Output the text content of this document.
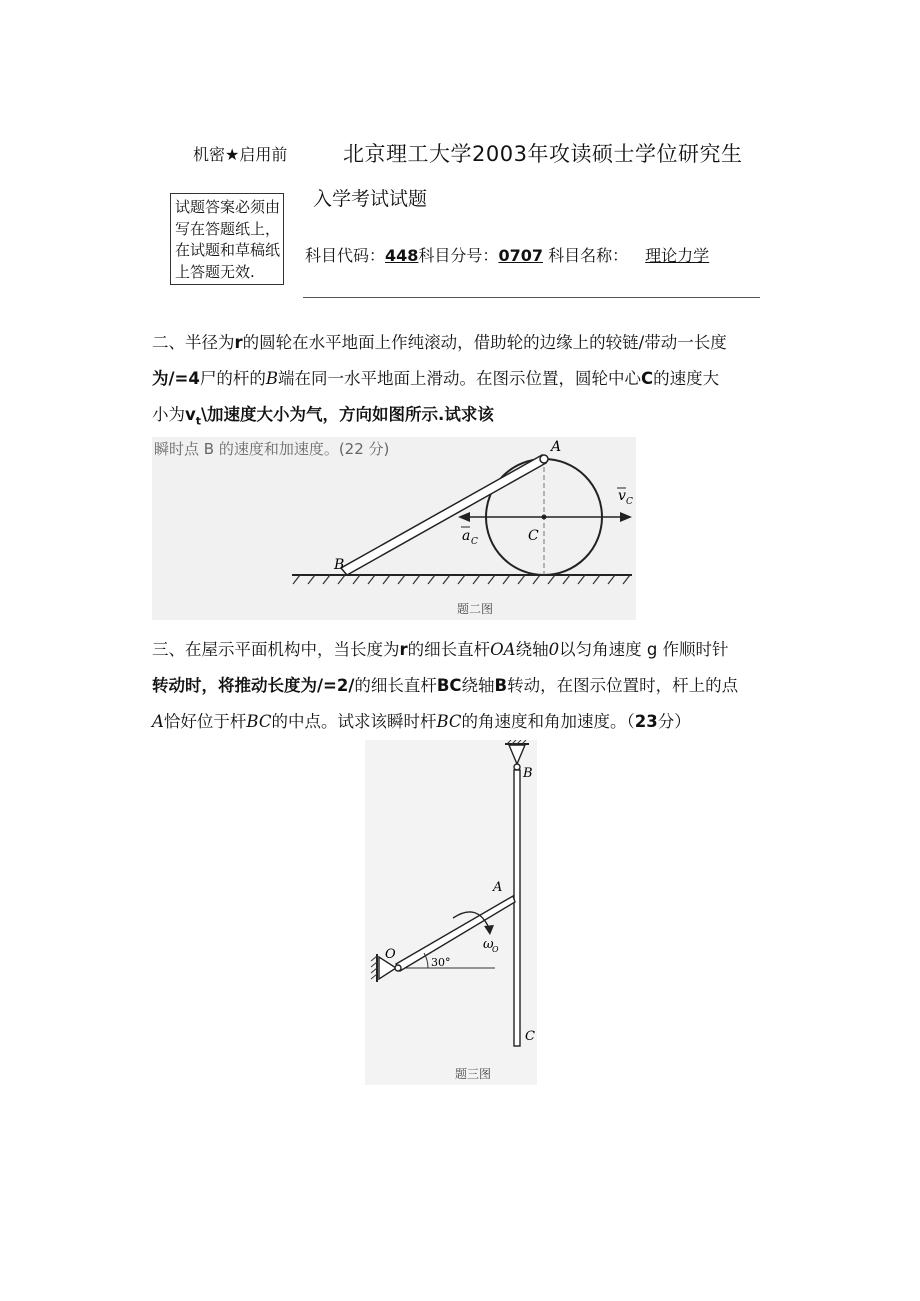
机密★启用前	北京理工大学2003年攻读硕士学位研究生
入学考试试题
试题答案必须由
写在答题纸上，
在试题和草稿纸
上答题无效.
科目代码：448科目分号：0707 科目名称： 理论力学
二、半径为r的圆轮在水平地面上作纯滚动，借助轮的边缘上的较链/带动一长度
为/=4尸的杆的B端在同一水平地面上滑动。在图示位置，圆轮中心C的速度大
小为$v_t\backslash$加速度大小为气，方向如图所示.试求该
瞬时点 B 的速度和加速度。(22 分)	A
B
C
v C
a C
题二图
三、在屋示平面机构中，当长度为r的细长直杆OA绕轴0以匀角速度 g 作顺时针
转动时，将推动长度为/=2/的细长直杆BC绕轴B转动，在图示位置时，杆上的点
A恰好位于杆BC的中点。试求该瞬时杆BC的角速度和角加速度。（23分）
B
A
O
C
ω
O
30°
题三图
